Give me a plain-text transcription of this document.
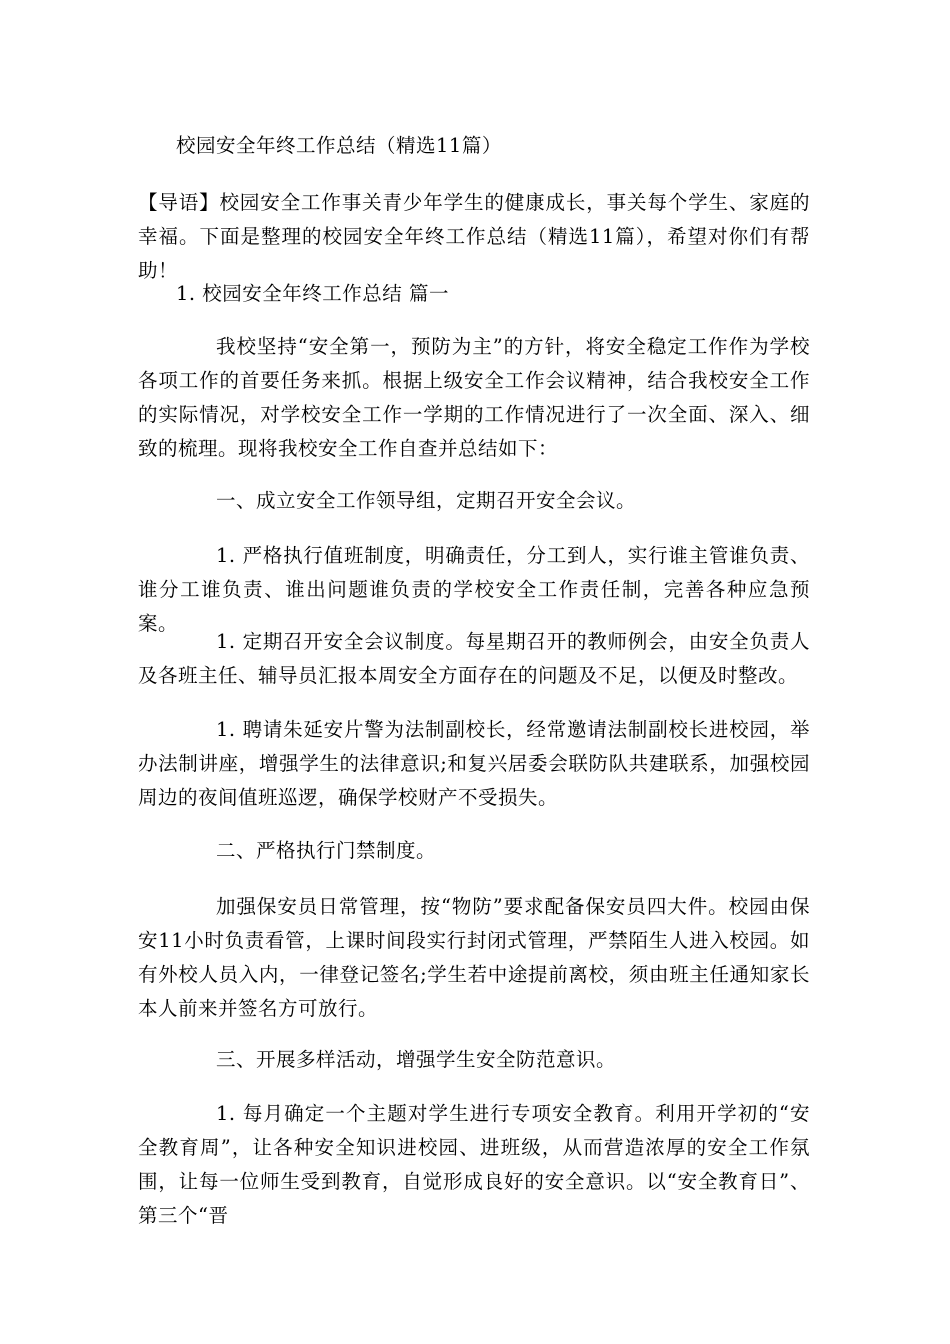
校园安全年终工作总结（精选11篇）
【导语】校园安全工作事关青少年学生的健康成长，事关每个学生、家庭的幸福。下面是整理的校园安全年终工作总结（精选11篇），希望对你们有帮助！
1. 校园安全年终工作总结 篇一
我校坚持“安全第一，预防为主”的方针，将安全稳定工作作为学校各项工作的首要任务来抓。根据上级安全工作会议精神，结合我校安全工作的实际情况，对学校安全工作一学期的工作情况进行了一次全面、深入、细致的梳理。现将我校安全工作自查并总结如下：
一、成立安全工作领导组，定期召开安全会议。
1. 严格执行值班制度，明确责任，分工到人，实行谁主管谁负责、谁分工谁负责、谁出问题谁负责的学校安全工作责任制，完善各种应急预案。
1. 定期召开安全会议制度。每星期召开的教师例会，由安全负责人及各班主任、辅导员汇报本周安全方面存在的问题及不足，以便及时整改。
1. 聘请朱延安片警为法制副校长，经常邀请法制副校长进校园，举办法制讲座，增强学生的法律意识;和复兴居委会联防队共建联系，加强校园周边的夜间值班巡逻，确保学校财产不受损失。
二、严格执行门禁制度。
加强保安员日常管理，按“物防”要求配备保安员四大件。校园由保安11小时负责看管，上课时间段实行封闭式管理，严禁陌生人进入校园。如有外校人员入内，一律登记签名;学生若中途提前离校，须由班主任通知家长本人前来并签名方可放行。
三、开展多样活动，增强学生安全防范意识。
1. 每月确定一个主题对学生进行专项安全教育。利用开学初的“安全教育周”，让各种安全知识进校园、进班级，从而营造浓厚的安全工作氛围，让每一位师生受到教育，自觉形成良好的安全意识。以“安全教育日”、第三个“晋
